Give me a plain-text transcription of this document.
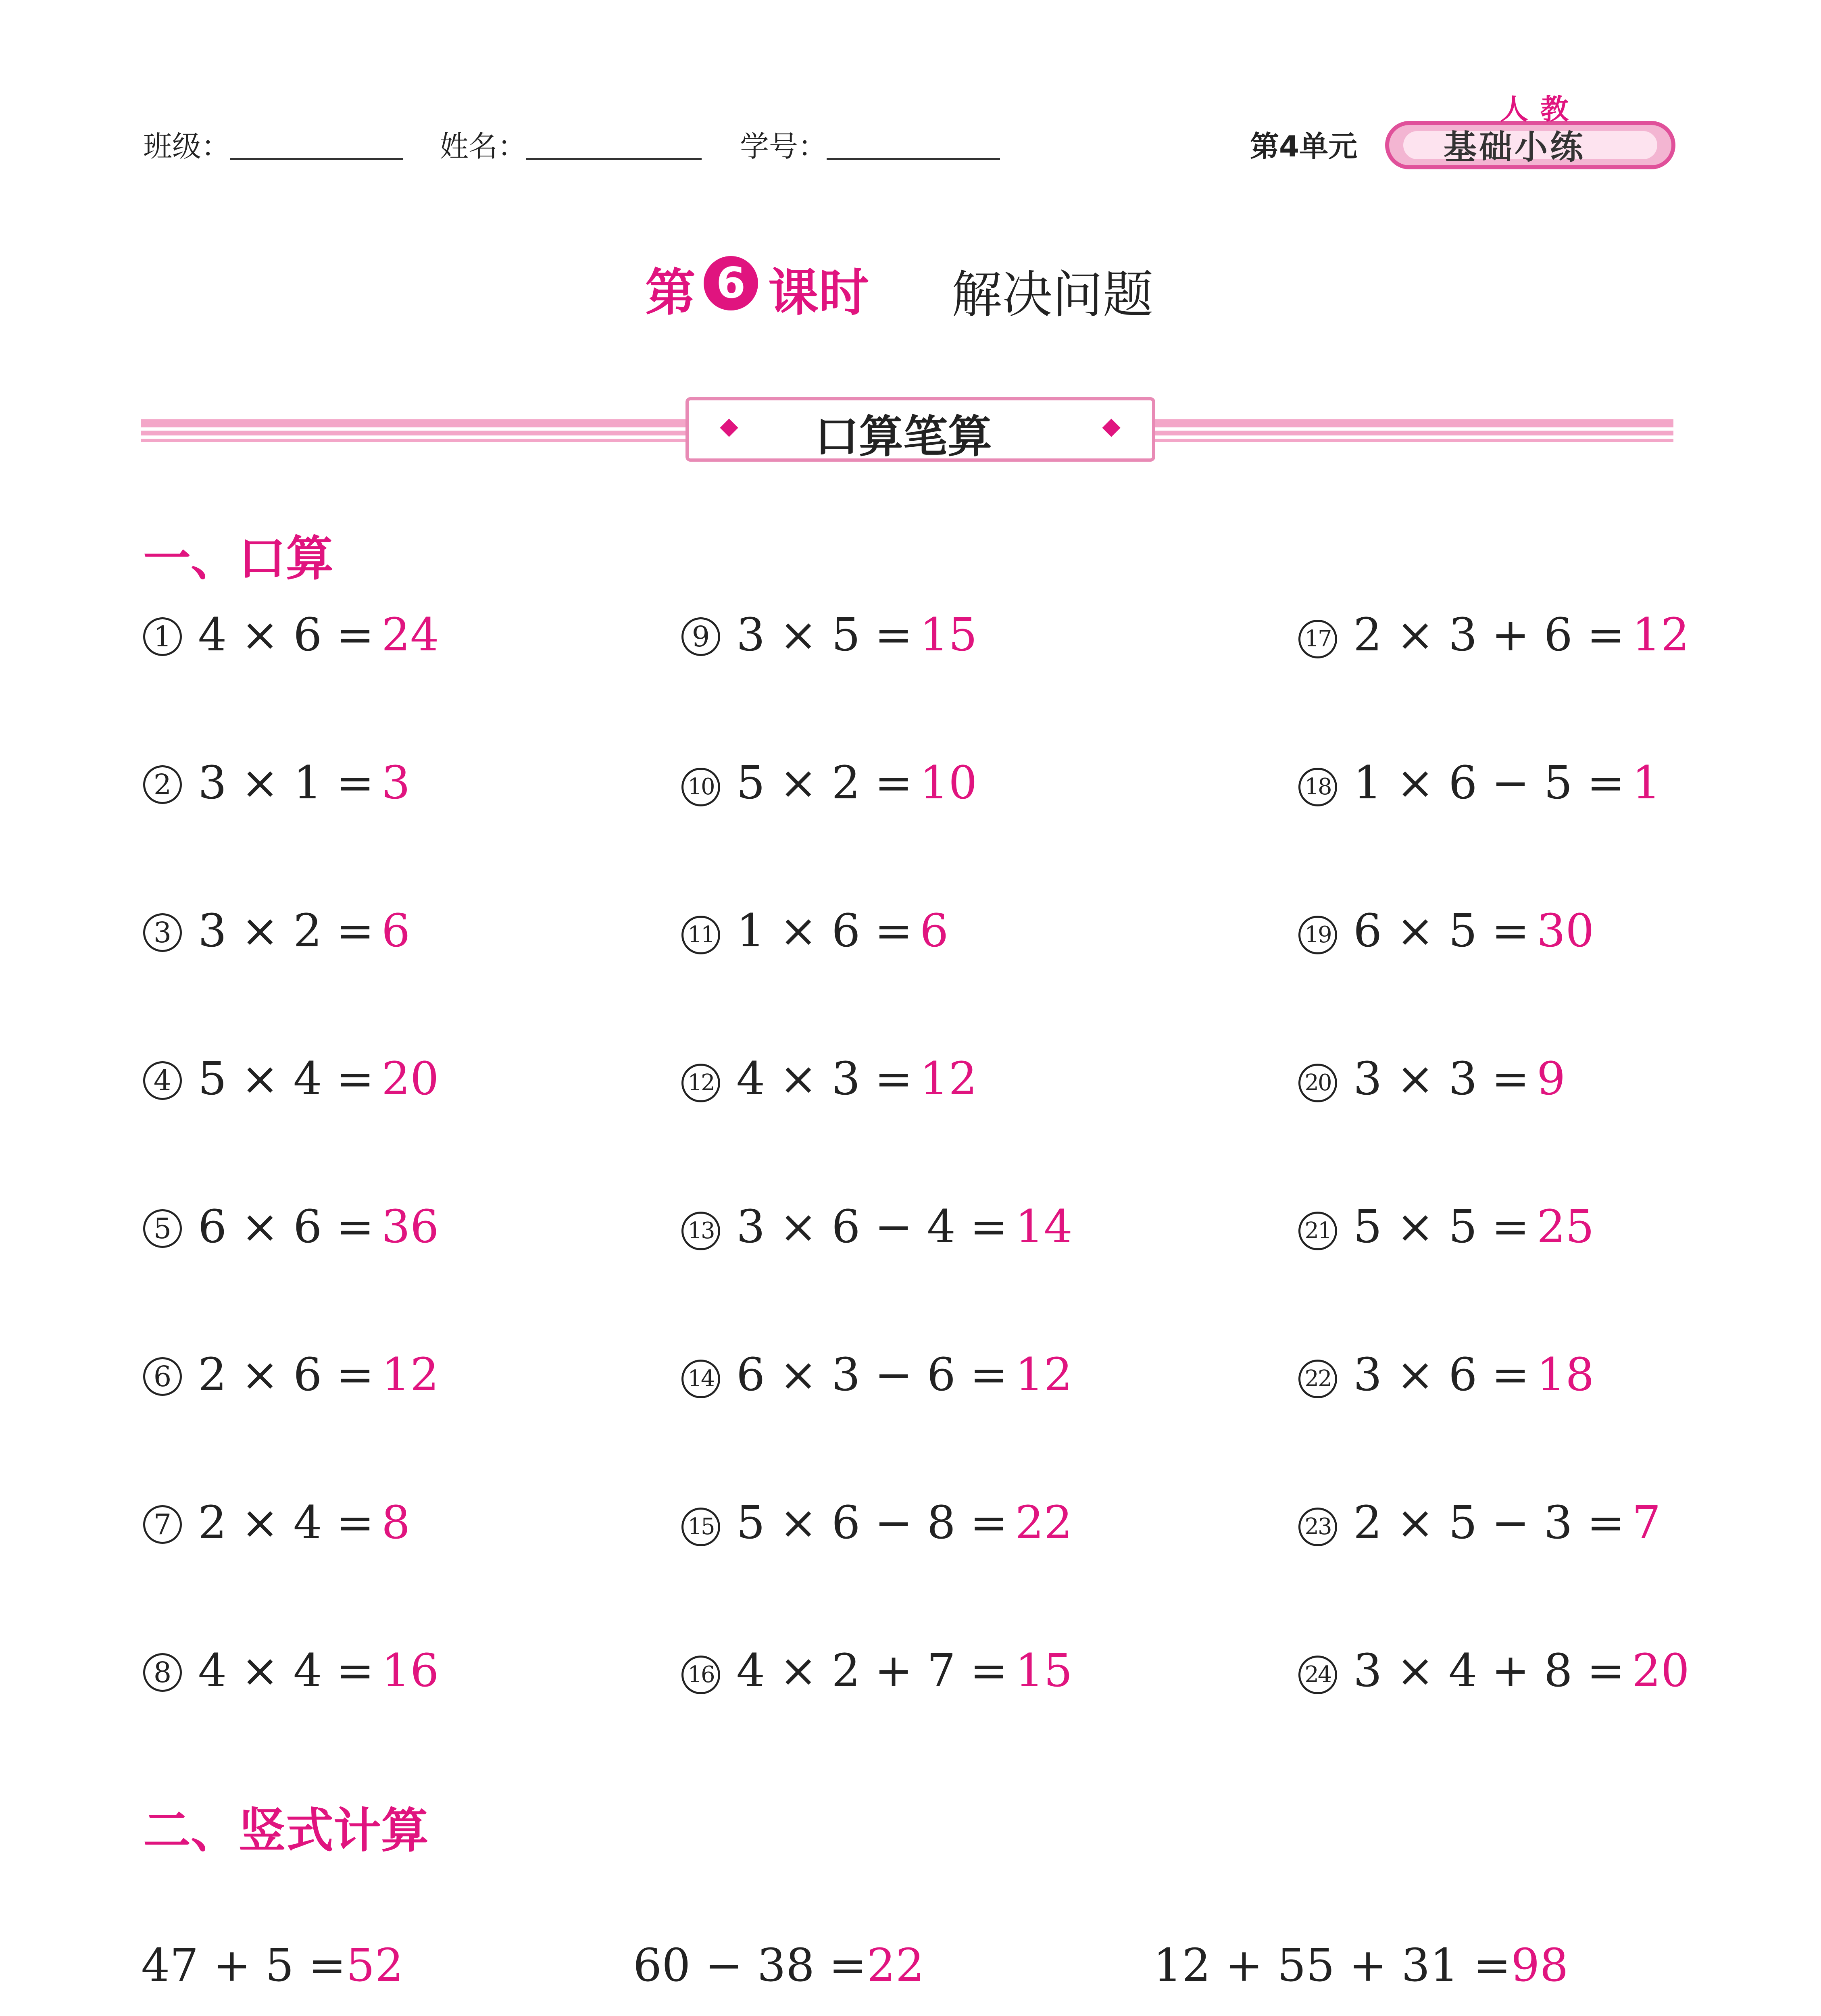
班级：	姓名：	学号：	第4单元
人教
基础小练
第 6 课时 解决问题
口算笔算
一、口算
1 4 × 6 = 24
2 3 × 1 = 3
3 3 × 2 = 6
4 5 × 4 = 20
5 6 × 6 = 36
6 2 × 6 = 12
7 2 × 4 = 8
8 4 × 4 = 16
9 3 × 5 = 15
10 5 × 2 = 10
11 1 × 6 = 6
12 4 × 3 = 12
13 3 × 6 − 4 = 14
14 6 × 3 − 6 = 12
15 5 × 6 − 8 = 22
16 4 × 2 + 7 = 15
17 2 × 3 + 6 = 12
18 1 × 6 − 5 = 1
19 6 × 5 = 30
20 3 × 3 = 9
21 5 × 5 = 25
22 3 × 6 = 18
23 2 × 5 − 3 = 7
24 3 × 4 + 8 = 20
二、竖式计算
47 + 5 =52	60 − 38 =22	12 + 55 + 31 =98
